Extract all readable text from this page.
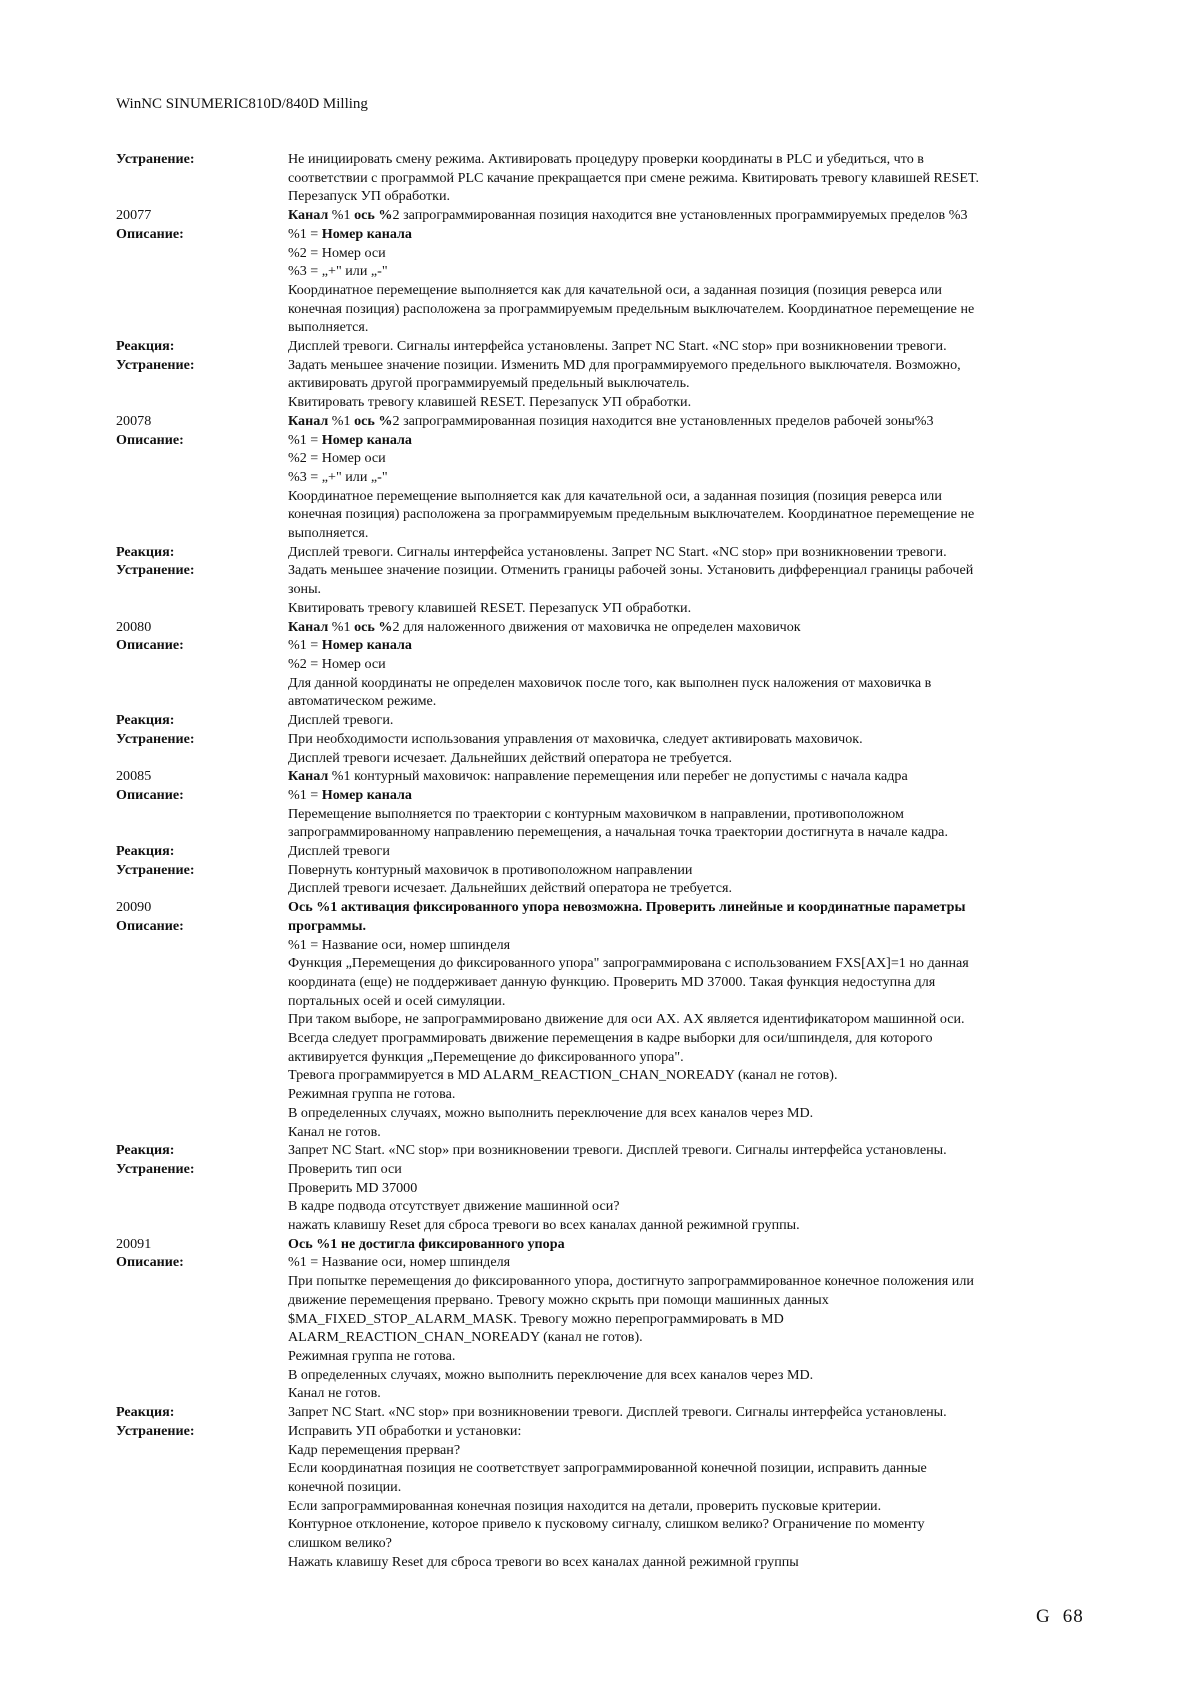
WinNC SINUMERIC810D/840D Milling
Устранение:	Не инициировать смену режима. Активировать процедуру проверки координаты в PLC и убедиться, что в
соответствии с программой PLC качание прекращается при смене режима. Квитировать тревогу клавишей RESET.
Перезапуск УП обработки.
20077	Канал %1 ось %2 запрограммированная позиция находится вне установленных программируемых пределов %3
Описание:	%1 = Номер канала
%2 = Номер оси
%3 = „+" или „-"
Координатное перемещение выполняется как для качательной оси, а заданная позиция (позиция реверса или
конечная позиция) расположена за программируемым предельным выключателем. Координатное перемещение не
выполняется.
Реакция:	Дисплей тревоги. Сигналы интерфейса установлены. Запрет NC Start. «NC stop» при возникновении тревоги.
Устранение:	Задать меньшее значение позиции. Изменить MD для программируемого предельного выключателя. Возможно,
активировать другой программируемый предельный выключатель.
Квитировать тревогу клавишей RESET. Перезапуск УП обработки.
20078	Канал %1 ось %2 запрограммированная позиция находится вне установленных пределов рабочей зоны%3
Описание:	%1 = Номер канала
%2 = Номер оси
%3 = „+" или „-"
Координатное перемещение выполняется как для качательной оси, а заданная позиция (позиция реверса или
конечная позиция) расположена за программируемым предельным выключателем. Координатное перемещение не
выполняется.
Реакция:	Дисплей тревоги. Сигналы интерфейса установлены. Запрет NC Start. «NC stop» при возникновении тревоги.
Устранение:	Задать меньшее значение позиции. Отменить границы рабочей зоны. Установить дифференциал границы рабочей
зоны.
Квитировать тревогу клавишей RESET. Перезапуск УП обработки.
20080	Канал %1 ось %2 для наложенного движения от маховичка не определен маховичок
Описание:	%1 = Номер канала
%2 = Номер оси
Для данной координаты не определен маховичок после того, как выполнен пуск наложения от маховичка в
автоматическом режиме.
Реакция:	Дисплей тревоги.
Устранение:	При необходимости использования управления от маховичка, следует активировать маховичок.
Дисплей тревоги исчезает. Дальнейших действий оператора не требуется.
20085	Канал %1 контурный маховичок: направление перемещения или перебег не допустимы с начала кадра
Описание:	%1 = Номер канала
Перемещение выполняется по траектории с контурным маховичком в направлении, противоположном
запрограммированному направлению перемещения, а начальная точка траектории достигнута в начале кадра.
Реакция:	Дисплей тревоги
Устранение:	Повернуть контурный маховичок в противоположном направлении
Дисплей тревоги исчезает. Дальнейших действий оператора не требуется.
20090	Ось %1 активация фиксированного упора невозможна. Проверить линейные и координатные параметры
Описание:	программы.
%1 = Название оси, номер шпинделя
Функция „Перемещения до фиксированного упора" запрограммирована с использованием FXS[AX]=1 но данная
координата (еще) не поддерживает данную функцию. Проверить MD 37000. Такая функция недоступна для
портальных осей и осей симуляции.
При таком выборе, не запрограммировано движение для оси АХ. АХ является идентификатором машинной оси.
Всегда следует программировать движение перемещения в кадре выборки для оси/шпинделя, для которого
активируется функция „Перемещение до фиксированного упора".
Тревога программируется в MD ALARM_REACTION_CHAN_NOREADY (канал не готов).
Режимная группа не готова.
В определенных случаях, можно выполнить переключение для всех каналов через MD.
Канал не готов.
Реакция:	Запрет NC Start. «NC stop» при возникновении тревоги. Дисплей тревоги. Сигналы интерфейса установлены.
Устранение:	Проверить тип оси
Проверить MD 37000
В кадре подвода отсутствует движение машинной оси?
нажать клавишу Reset для сброса тревоги во всех каналах данной режимной группы.
20091	Ось %1 не достигла фиксированного упора
Описание:	%1 = Название оси, номер шпинделя
При попытке перемещения до фиксированного упора, достигнуто запрограммированное конечное положения или
движение перемещения прервано. Тревогу можно скрыть при помощи машинных данных
$MA_FIXED_STOP_ALARM_MASK. Тревогу можно перепрограммировать в MD
ALARM_REACTION_CHAN_NOREADY (канал не готов).
Режимная группа не готова.
В определенных случаях, можно выполнить переключение для всех каналов через MD.
Канал не готов.
Реакция:	Запрет NC Start. «NC stop» при возникновении тревоги. Дисплей тревоги. Сигналы интерфейса установлены.
Устранение:	Исправить УП обработки и установки:
Кадр перемещения прерван?
Если координатная позиция не соответствует запрограммированной конечной позиции, исправить данные
конечной позиции.
Если запрограммированная конечная позиция находится на детали, проверить пусковые критерии.
Контурное отклонение, которое привело к пусковому сигналу, слишком велико? Ограничение по моменту
слишком велико?
Нажать клавишу Reset для сброса тревоги во всех каналах данной режимной группы
G 68
